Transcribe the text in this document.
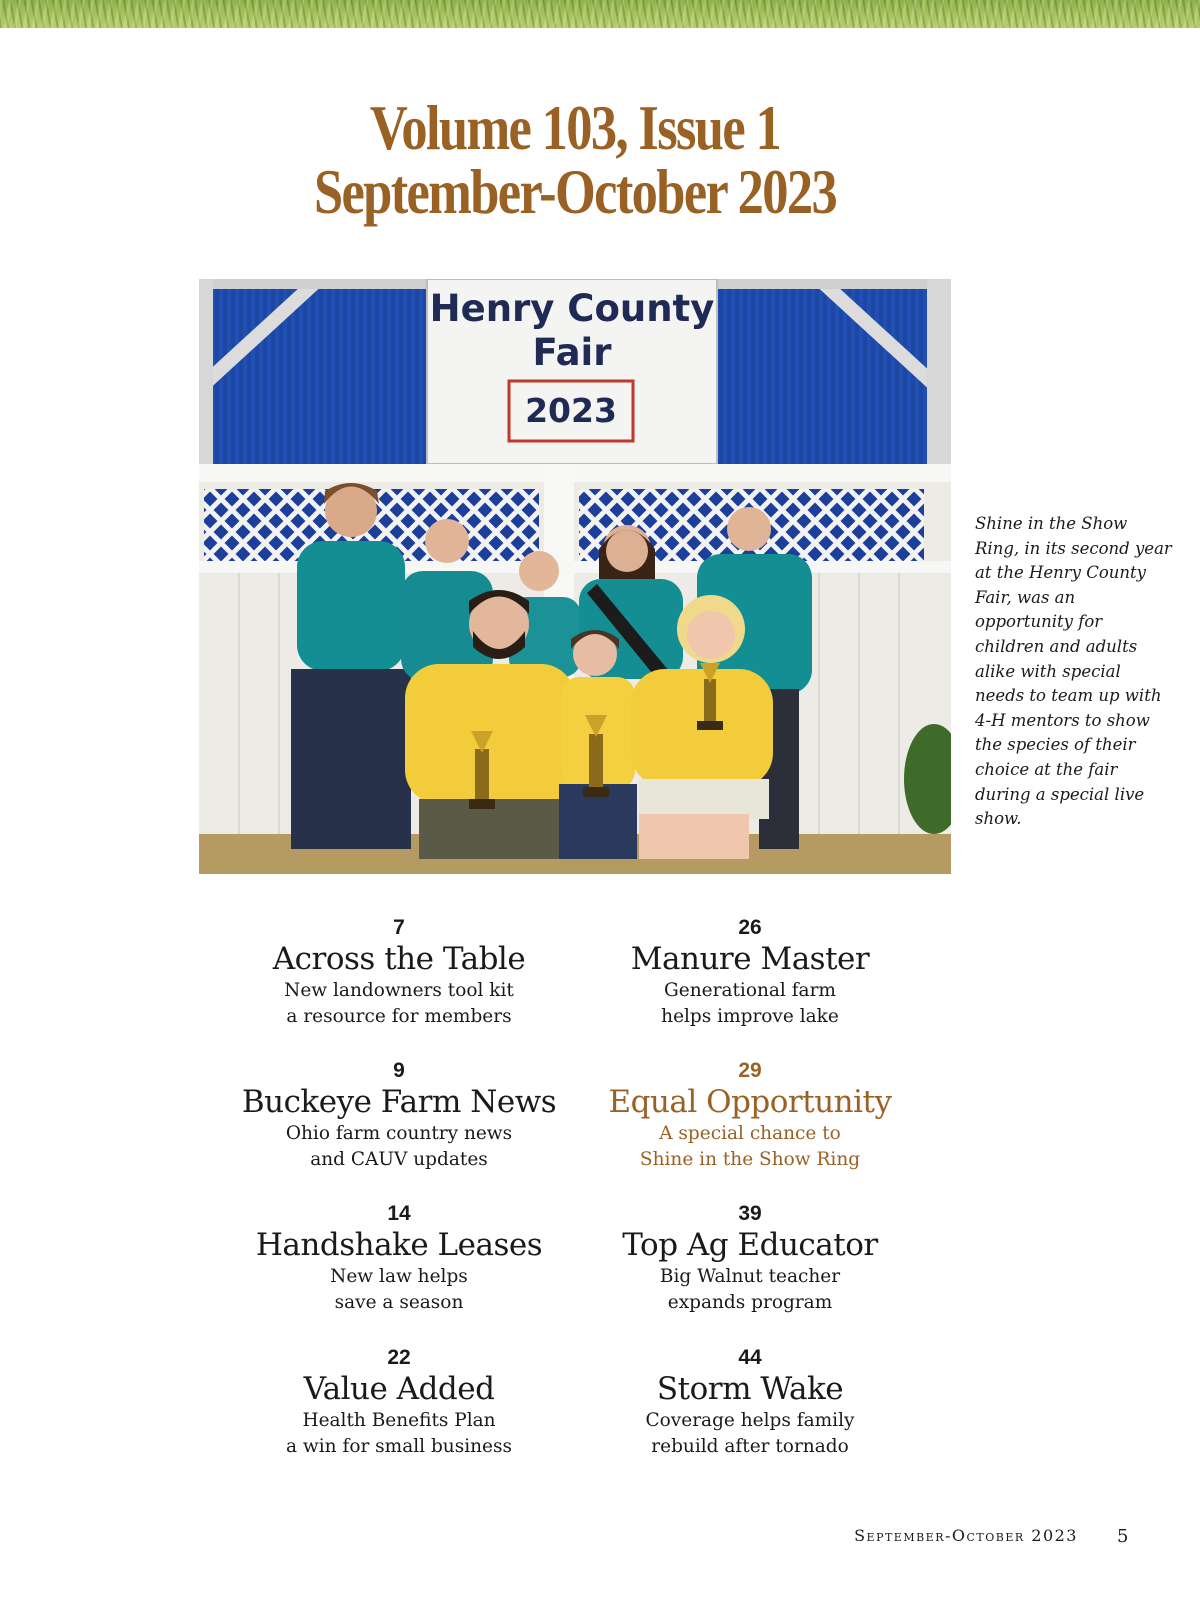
Volume 103, Issue 1
September-October 2023
Henry County
Fair
2023
Shine in the Show Ring, in its second year at the Henry County Fair, was an opportunity for children and adults alike with special needs to team up with 4-H mentors to show the species of their choice at the fair during a special live show.
7
Across the Table
New landowners tool kit
a resource for members
9
Buckeye Farm News
Ohio farm country news
and CAUV updates
14
Handshake Leases
New law helps
save a season
22
Value Added
Health Benefits Plan
a win for small business
26
Manure Master
Generational farm
helps improve lake
29
Equal Opportunity
A special chance to
Shine in the Show Ring
39
Top Ag Educator
Big Walnut teacher
expands program
44
Storm Wake
Coverage helps family
rebuild after tornado
September-October 2023 5
